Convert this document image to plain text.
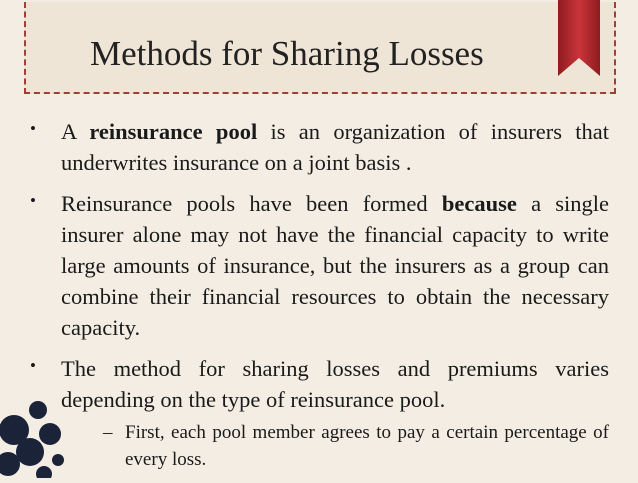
Methods for Sharing Losses
• A reinsurance pool is an organization of insurers that underwrites insurance on a joint basis .
• Reinsurance pools have been formed because a single insurer alone may not have the financial capacity to write large amounts of insurance, but the insurers as a group can combine their financial resources to obtain the necessary capacity.
• The method for sharing losses and premiums varies depending on the type of reinsurance pool.
– First, each pool member agrees to pay a certain percentage of every loss.
